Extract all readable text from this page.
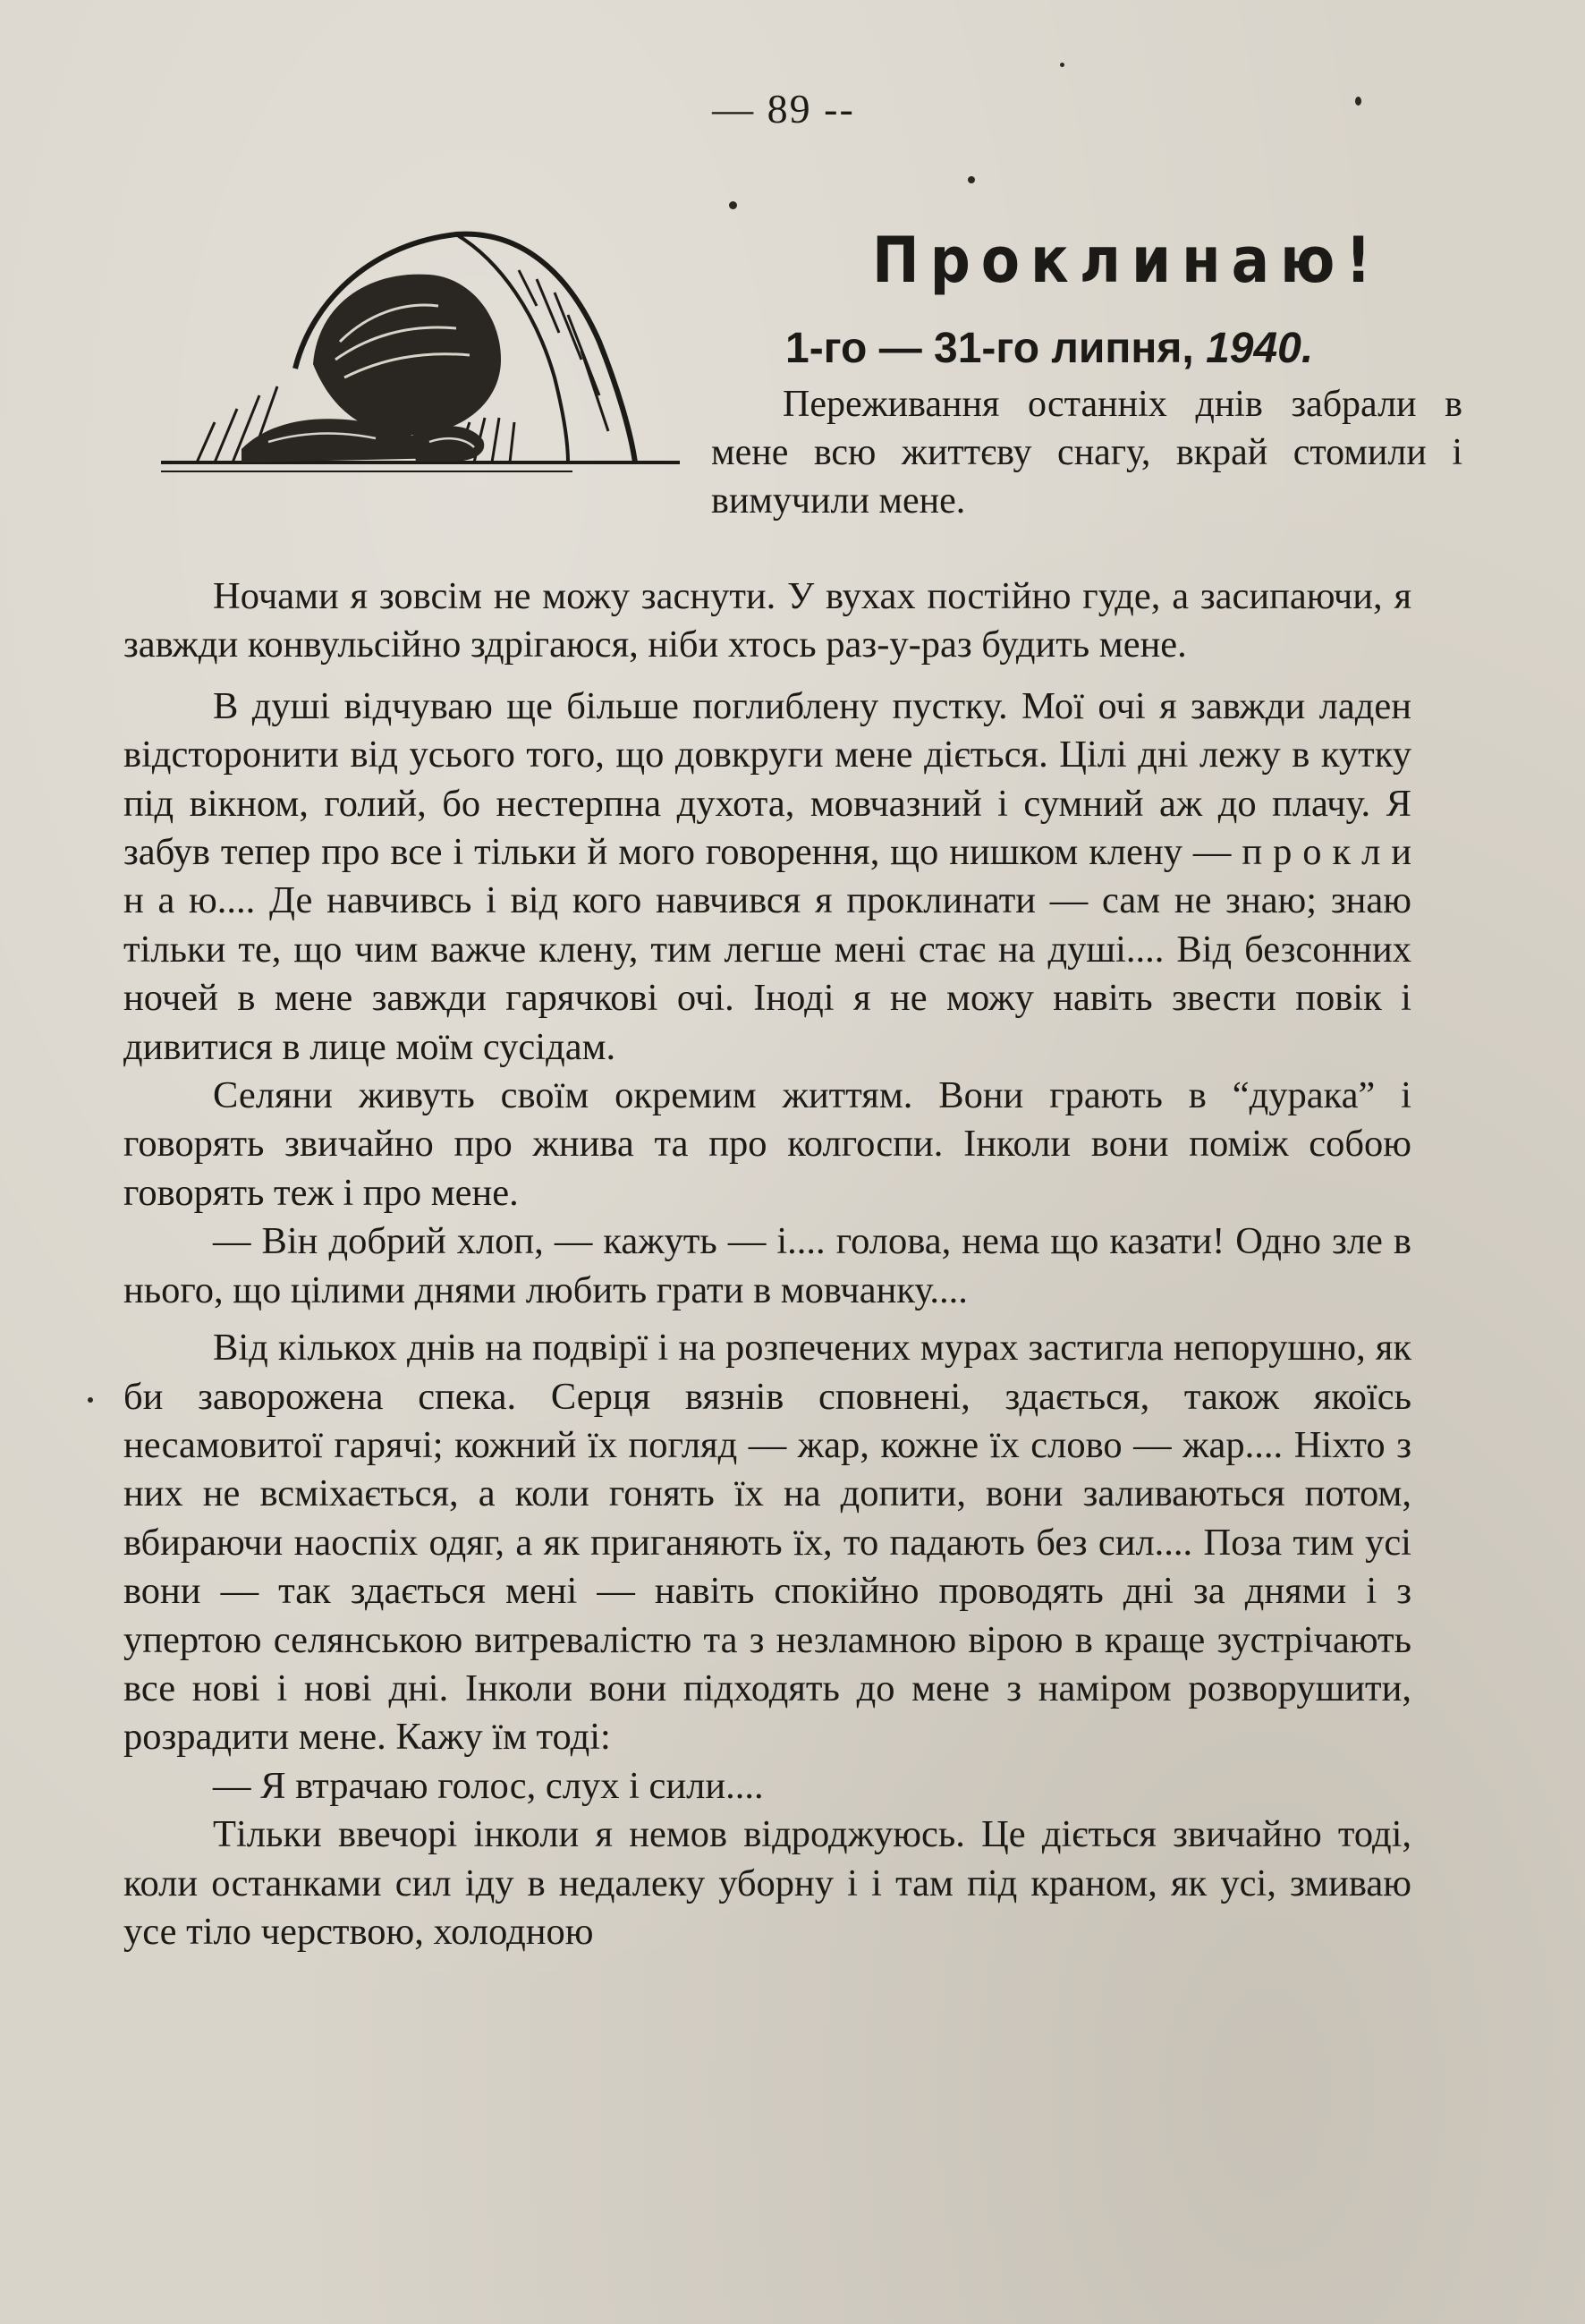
— 89 --
Проклинаю!
1-го — 31-го липня, 1940.

Переживання останніх днів забрали в мене всю життєву снагу, вкрай стомили і вимучили мене.

Ночами я зовсім не можу заснути. У вухах постійно гуде, а засипаючи, я завжди конвульсійно здрігаюся, ніби хтось раз-у-раз будить мене.

В душі відчуваю ще більше поглиблену пустку. Мої очі я завжди ладен відсторонити від усього того, що довкруги мене діється. Цілі дні лежу в кутку під вікном, голий, бо нестерпна духота, мовчазний і сумний аж до плачу. Я забув тепер про все і тільки й мого говорення, що нишком клену — п р о к л и н а ю.... Де навчивсь і від кого навчився я проклинати — сам не знаю; знаю тільки те, що чим важче клену, тим легше мені стає на душі.... Від безсонних ночей в мене завжди гарячкові очі. Іноді я не можу навіть звести повік і дивитися в лице моїм сусідам.

Селяни живуть своїм окремим життям. Вони грають в “дурака” і говорять звичайно про жнива та про колгоспи. Інколи вони поміж собою говорять теж і про мене.

— Він добрий хлоп, — кажуть — і.... голова, нема що казати! Одно зле в нього, що цілими днями любить грати в мовчанку....

Від кількох днів на подвірї і на розпечених мурах застигла непорушно, як би заворожена спека. Серця вязнів сповнені, здається, також якоїсь несамовитої гарячі; кожний їх погляд — жар, кожне їх слово — жар.... Ніхто з них не всміхається, а коли гонять їх на допити, вони заливаються потом, вбираючи наоспіх одяг, а як приганяють їх, то падають без сил.... Поза тим усі вони — так здається мені — навіть спокійно проводять дні за днями і з упертою селянською витревалістю та з незламною вірою в краще зустрічають все нові і нові дні. Інколи вони підходять до мене з наміром розворушити, розрадити мене. Кажу їм тоді:

— Я втрачаю голос, слух і сили....

Тільки ввечорі інколи я немов відроджуюсь. Це діється звичайно тоді, коли останками сил іду в недалеку уборну і і там під краном, як усі, змиваю усе тіло черствою, холодною
